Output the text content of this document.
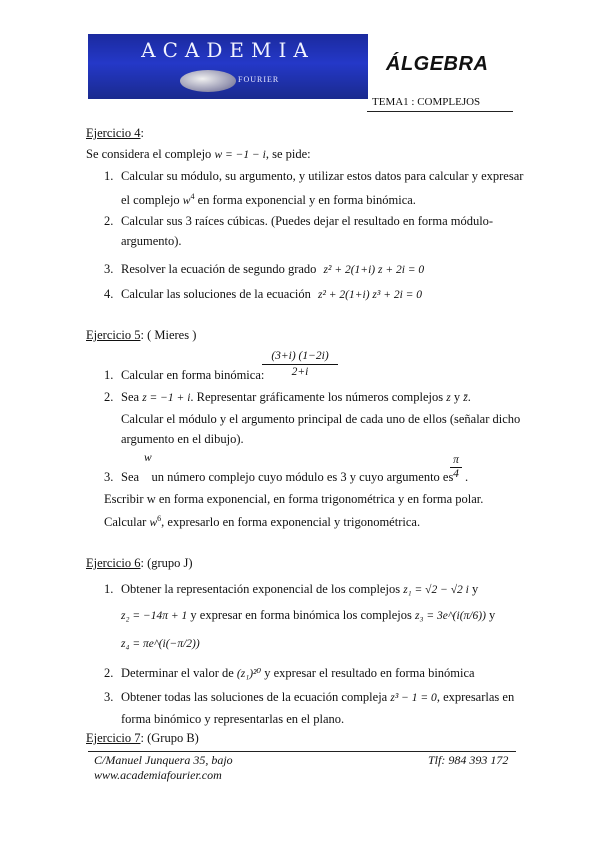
ACADEMIA
FOURIER
ÁLGEBRA
TEMA1 : COMPLEJOS
Ejercicio 4:
Se considera el complejo w = −1 − i, se pide:
1. Calcular su módulo, su argumento, y utilizar estos datos para calcular y expresar
el complejo $w^4$ en forma exponencial y en forma binómica.
2. Calcular sus 3 raíces cúbicas. (Puedes dejar el resultado en forma módulo-
argumento).
3. Resolver la ecuación de segundo grado z² + 2(1+i) z + 2i = 0
4. Calcular las soluciones de la ecuación z² + 2(1+i) z³ + 2i = 0
Ejercicio 5: ( Mieres )
1. Calcular en forma binómica:
$\frac{(3+i) (1-2i)}{2+i}$
2. Sea z = −1 + i. Representar gráficamente los números complejos z y z̄.
Calcular el módulo y el argumento principal de cada uno de ellos (señalar dicho
argumento en el dibujo).
w
3. Sea    un número complejo cuyo módulo es 3 y cuyo argumento es
$\frac{\pi}{4}$ .
Escribir w en forma exponencial, en forma trigonométrica y en forma polar.
Calcular $w^6$, expresarlo en forma exponencial y trigonométrica.
Ejercicio 6: (grupo J)
1. Obtener la representación exponencial de los complejos z₁ = √2 − √2 i y
z₂ = −14π + 1 y expresar en forma binómica los complejos z₃ = 3e^(i(π/6)) y
z₄ = πe^(i(−π/2))
2. Determinar el valor de (z₁)²⁰ y expresar el resultado en forma binómica
3. Obtener todas las soluciones de la ecuación compleja z³ − 1 = 0, expresarlas en
forma binómico y representarlas en el plano.
Ejercicio 7: (Grupo B)
C/Manuel Junquera 35, bajo
www.academiafourier.com
Tlf: 984 393 172
